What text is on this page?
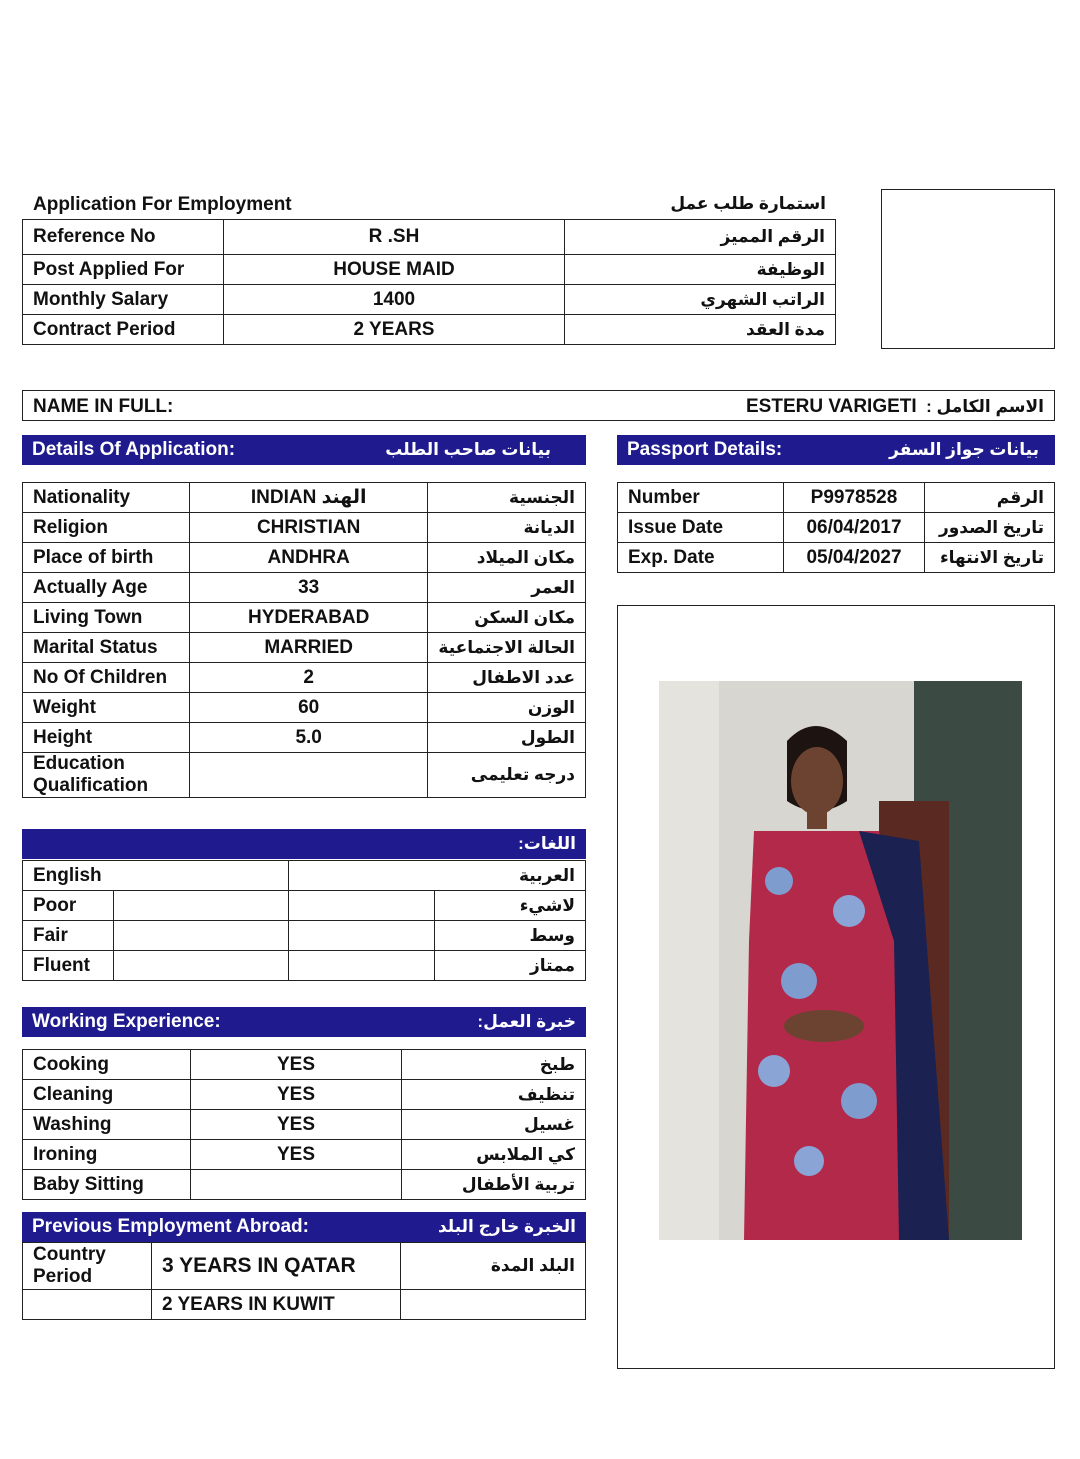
Application For Employment	استمارة طلب عمل
Reference No	R .SH	الرقم المميز
Post Applied For	HOUSE MAID	الوظيفة
Monthly Salary	1400	الراتب الشهري
Contract Period	2 YEARS	مدة العقد
NAME IN FULL:	ESTERU VARIGETI الاسم الكامل :
Details Of Application:	بيانات صاحب الطلب
Nationality	INDIAN الهند	الجنسية
Religion	CHRISTIAN	الديانة
Place of birth	ANDHRA	مكان الميلاد
Actually Age	33	العمر
Living Town	HYDERABAD	مكان السكن
Marital Status	MARRIED	الحالة الاجتماعية
No Of Children	2	عدد الاطفال
Weight	60	الوزن
Height	5.0	الطول

Education
Qualification		درجه تعليمى
Passport Details:	بيانات جواز السفر
Number	P9978528	الرقم
Issue Date	06/04/2017	تاريخ الصدور
Exp. Date	05/04/2027	تاريخ الانتهاء
اللغات:
English		العربية	
Poor			لاشيء
Fair			وسط
Fluent			ممتاز
Working Experience:	خبرة العمل:
Cooking	YES	طبخ
Cleaning	YES	تنظيف
Washing	YES	غسيل
Ironing	YES	كي الملابس
Baby Sitting		تربية الأطفال
Previous Employment Abroad:	الخبرة خارج البلد
Country
Period	3 YEARS IN QATAR	البلد المدة
	2 YEARS IN KUWIT	
